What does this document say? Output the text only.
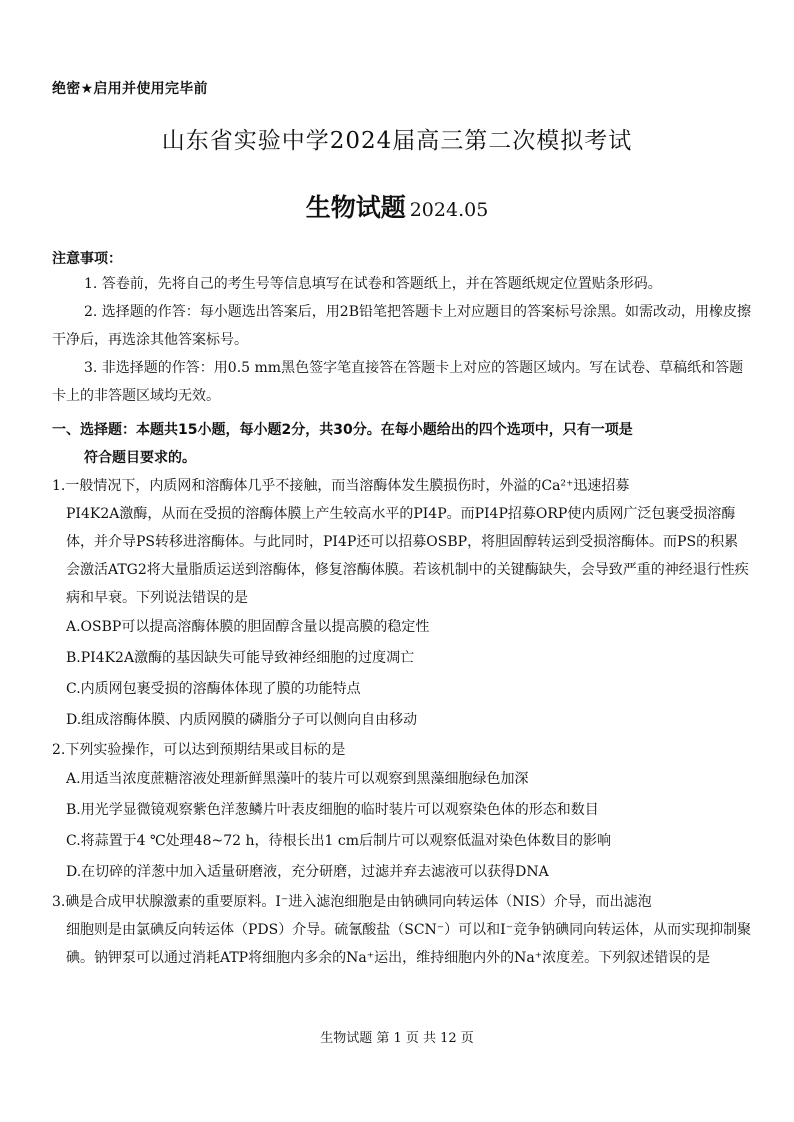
绝密★启用并使用完毕前
山东省实验中学2024届高三第二次模拟考试
生物试题 2024.05
注意事项：

1. 答卷前，先将自己的考生号等信息填写在试卷和答题纸上，并在答题纸规定位置贴条形码。

2. 选择题的作答：每小题选出答案后，用2B铅笔把答题卡上对应题目的答案标号涂黑。如需改动，用橡皮擦干净后，再选涂其他答案标号。

3. 非选择题的作答：用0.5 mm黑色签字笔直接答在答题卡上对应的答题区域内。写在试卷、草稿纸和答题卡上的非答题区域均无效。

一、选择题：本题共15小题，每小题2分，共30分。在每小题给出的四个选项中，只有一项是
符合题目要求的。
1.一般情况下，内质网和溶酶体几乎不接触，而当溶酶体发生膜损伤时，外溢的Ca²⁺迅速招募
PI4K2A激酶，从而在受损的溶酶体膜上产生较高水平的PI4P。而PI4P招募ORP使内质网广泛包裹受损溶酶体，并介导PS转移进溶酶体。与此同时，PI4P还可以招募OSBP，将胆固醇转运到受损溶酶体。而PS的积累会激活ATG2将大量脂质运送到溶酶体，修复溶酶体膜。若该机制中的关键酶缺失，会导致严重的神经退行性疾病和早衰。下列说法错误的是

A.OSBP可以提高溶酶体膜的胆固醇含量以提高膜的稳定性

B.PI4K2A激酶的基因缺失可能导致神经细胞的过度凋亡

C.内质网包裹受损的溶酶体体现了膜的功能特点

D.组成溶酶体膜、内质网膜的磷脂分子可以侧向自由移动

2.下列实验操作，可以达到预期结果或目标的是

A.用适当浓度蔗糖溶液处理新鲜黑藻叶的装片可以观察到黑藻细胞绿色加深

B.用光学显微镜观察紫色洋葱鳞片叶表皮细胞的临时装片可以观察染色体的形态和数目

C.将蒜置于4 ℃处理48~72 h，待根长出1 cm后制片可以观察低温对染色体数目的影响

D.在切碎的洋葱中加入适量研磨液，充分研磨，过滤并弃去滤液可以获得DNA

3.碘是合成甲状腺激素的重要原料。I⁻进入滤泡细胞是由钠碘同向转运体（NIS）介导，而出滤泡
细胞则是由氯碘反向转运体（PDS）介导。硫氰酸盐（SCN⁻）可以和I⁻竞争钠碘同向转运体，从而实现抑制聚碘。钠钾泵可以通过消耗ATP将细胞内多余的Na⁺运出，维持细胞内外的Na⁺浓度差。下列叙述错误的是
生物试题 第 1 页 共 12 页
